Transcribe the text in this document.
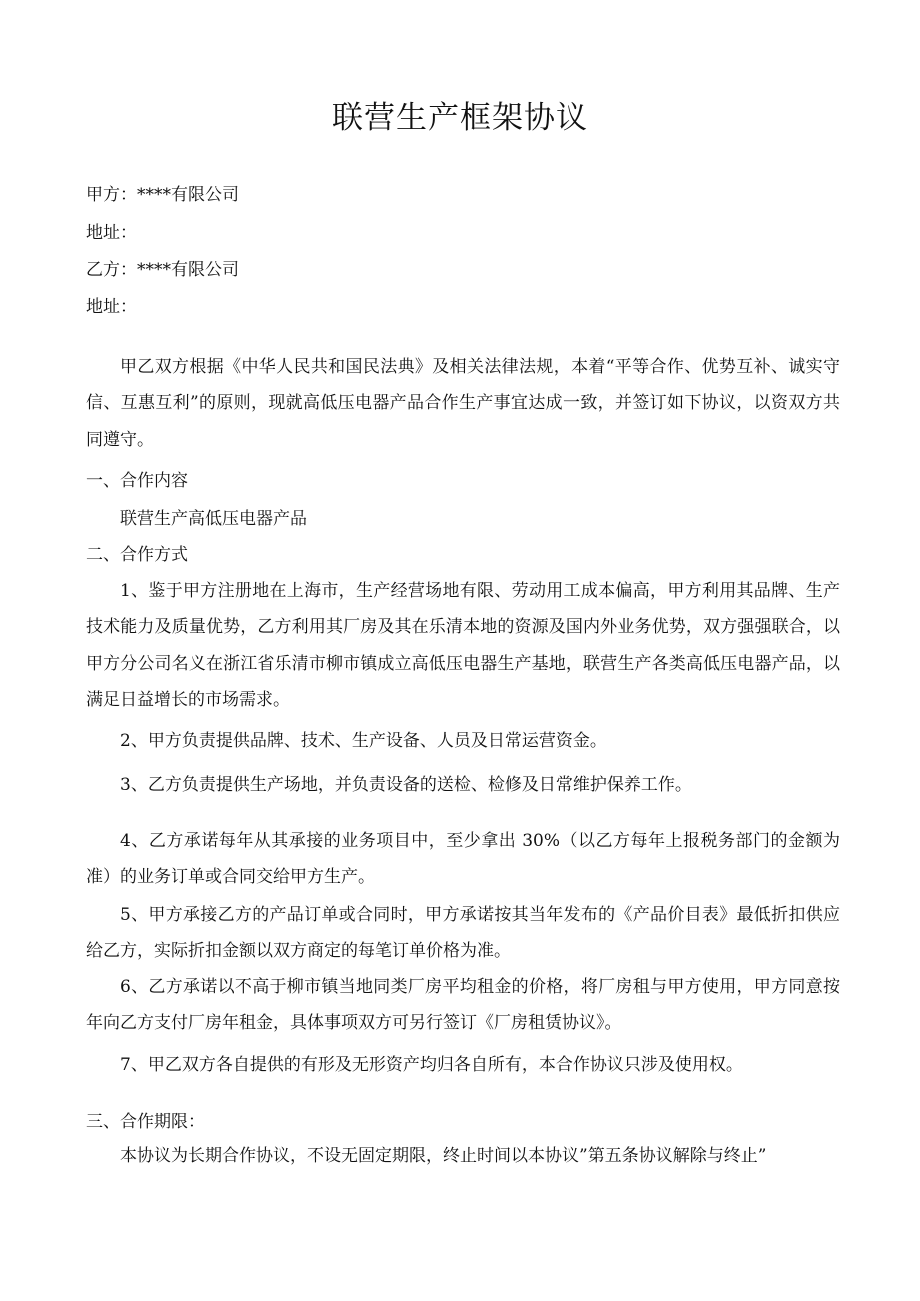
联营生产框架协议
甲方：****有限公司
地址：
乙方：****有限公司
地址：
甲乙双方根据《中华人民共和国民法典》及相关法律法规，本着“平等合作、优势互补、诚实守信、互惠互利”的原则，现就高低压电器产品合作生产事宜达成一致，并签订如下协议，以资双方共同遵守。
一、合作内容
联营生产高低压电器产品
二、合作方式
1、鉴于甲方注册地在上海市，生产经营场地有限、劳动用工成本偏高，甲方利用其品牌、生产技术能力及质量优势，乙方利用其厂房及其在乐清本地的资源及国内外业务优势，双方强强联合，以甲方分公司名义在浙江省乐清市柳市镇成立高低压电器生产基地，联营生产各类高低压电器产品，以满足日益增长的市场需求。
2、甲方负责提供品牌、技术、生产设备、人员及日常运营资金。
3、乙方负责提供生产场地，并负责设备的送检、检修及日常维护保养工作。
4、乙方承诺每年从其承接的业务项目中，至少拿出 30%（以乙方每年上报税务部门的金额为准）的业务订单或合同交给甲方生产。
5、甲方承接乙方的产品订单或合同时，甲方承诺按其当年发布的《产品价目表》最低折扣供应给乙方，实际折扣金额以双方商定的每笔订单价格为准。
6、乙方承诺以不高于柳市镇当地同类厂房平均租金的价格，将厂房租与甲方使用，甲方同意按年向乙方支付厂房年租金，具体事项双方可另行签订《厂房租赁协议》。
7、甲乙双方各自提供的有形及无形资产均归各自所有，本合作协议只涉及使用权。
三、合作期限：
本协议为长期合作协议，不设无固定期限，终止时间以本协议”第五条协议解除与终止”
